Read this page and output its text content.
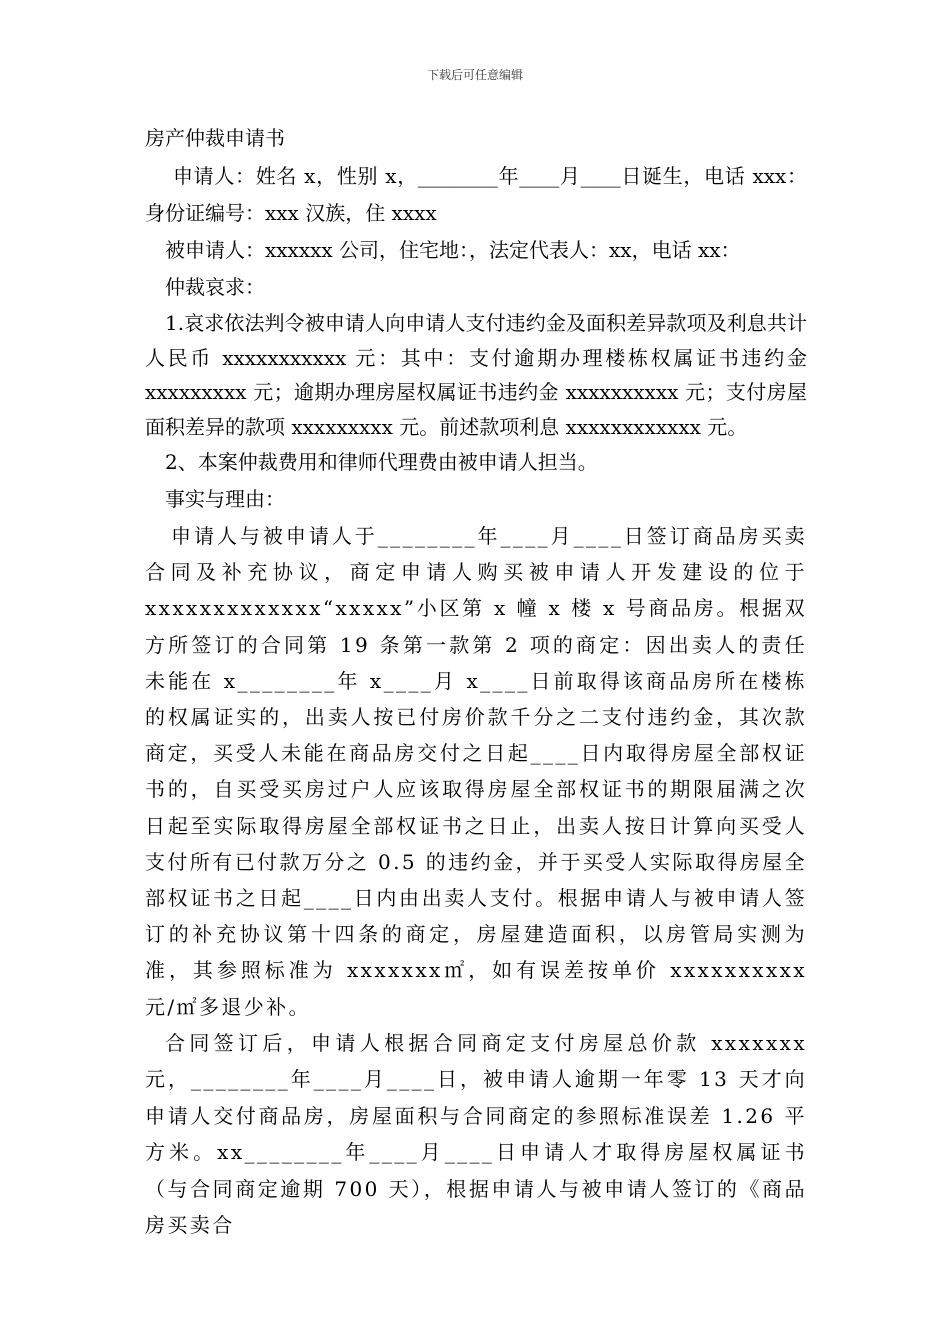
下载后可任意编辑
房产仲裁申请书

申请人：姓名 x，性别 x，________年____月____日诞生，电话 xxx：身份证编号：xxx 汉族，住 xxxx

被申请人：xxxxxx 公司，住宅地：，法定代表人：xx，电话 xx：

仲裁哀求：

1.哀求依法判令被申请人向申请人支付违约金及面积差异款项及利息共计人民币 xxxxxxxxxxx 元：其中：支付逾期办理楼栋权属证书违约金 xxxxxxxxx 元；逾期办理房屋权属证书违约金 xxxxxxxxxx 元；支付房屋面积差异的款项 xxxxxxxxx 元。前述款项利息 xxxxxxxxxxxx 元。

2、本案仲裁费用和律师代理费由被申请人担当。

事实与理由：

申请人与被申请人于________年____月____日签订商品房买卖合同及补充协议，商定申请人购买被申请人开发建设的位于 xxxxxxxxxxxxx“xxxxx”小区第 x 幢 x 楼 x 号商品房。根据双方所签订的合同第 19 条第一款第 2 项的商定：因出卖人的责任未能在 x________年 x____月 x____日前取得该商品房所在楼栋的权属证实的，出卖人按已付房价款千分之二支付违约金，其次款商定，买受人未能在商品房交付之日起____日内取得房屋全部权证书的，自买受买房过户人应该取得房屋全部权证书的期限届满之次日起至实际取得房屋全部权证书之日止，出卖人按日计算向买受人支付所有已付款万分之 0.5 的违约金，并于买受人实际取得房屋全部权证书之日起____日内由出卖人支付。根据申请人与被申请人签订的补充协议第十四条的商定，房屋建造面积，以房管局实测为准，其参照标准为 xxxxxxx㎡，如有误差按单价 xxxxxxxxxx 元/㎡多退少补。

合同签订后，申请人根据合同商定支付房屋总价款 xxxxxxx 元，________年____月____日，被申请人逾期一年零 13 天才向申请人交付商品房，房屋面积与合同商定的参照标准误差 1.26 平方米。xx________年____月____日申请人才取得房屋权属证书（与合同商定逾期 700 天），根据申请人与被申请人签订的《商品房买卖合
